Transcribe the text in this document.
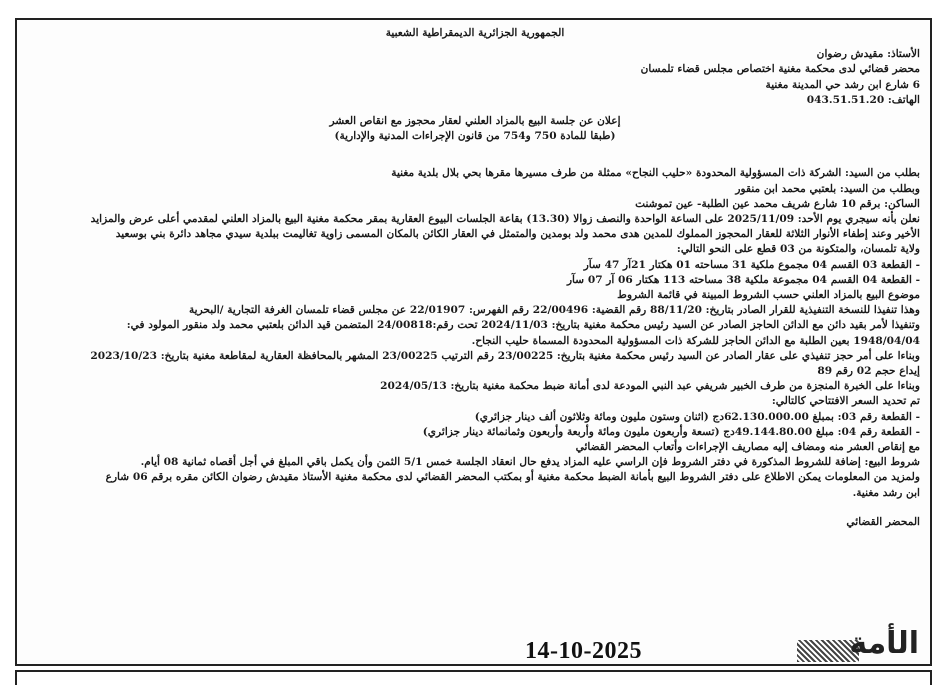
الجمهورية الجزائرية الديمقراطية الشعبية

الأستاذ: مقيدش رضوان

محضر قضائي لدى محكمة مغنية اختصاص مجلس قضاء تلمسان

6 شارع ابن رشد حي المدينة مغنية

الهاتف: 043.51.51.20

إعلان عن جلسة البيع بالمزاد العلني لعقار محجوز مع انقاص العشر

(طبقا للمادة 750 و754 من قانون الإجراءات المدنية والإدارية)

بطلب من السيد: الشركة ذات المسؤولية المحدودة «حليب النجاح» ممثلة من طرف مسيرها مقرها بحي بلال بلدية مغنية

وبطلب من السيد: بلعتبي محمد ابن منقور

الساكن: برقم 10 شارع شريف محمد عين الطلبة- عين تموشنت

نعلن بأنه سيجري يوم الأحد: 2025/11/09 على الساعة الواحدة والنصف زوالا (13.30) بقاعة الجلسات البيوع العقارية بمقر محكمة مغنية البيع بالمزاد العلني لمقدمي أعلى عرض والمزايد

الأخير وعند إطفاء الأنوار الثلاثة للعقار المحجوز المملوك للمدين هدى محمد ولد بومدين والمتمثل في العقار الكائن بالمكان المسمى زاوية تغاليمت ببلدية سيدي مجاهد دائرة بني بوسعيد

ولاية تلمسان، والمتكونة من 03 قطع على النحو التالي:

- القطعة 03 القسم 04 مجموع ملكية 31 مساحته 01 هكتار 21آر 47 سآر

- القطعة 04 القسم 04 مجموعة ملكية 38 مساحته 113 هكتار 06 آر 07 سآر

موضوع البيع بالمزاد العلني حسب الشروط المبينة في قائمة الشروط

وهذا تنفيذا للنسخة التنفيذية للقرار الصادر بتاريخ: 88/11/20 رقم القضية: 22/00496 رقم الفهرس: 22/01907 عن مجلس قضاء تلمسان الغرفة التجارية /البحرية

وتنفيذا لأمر بقيد دائن مع الدائن الحاجز الصادر عن السيد رئيس محكمة مغنية بتاريخ: 2024/11/03 تحت رقم:24/00818 المتضمن قيد الدائن بلعتبي محمد ولد منقور المولود في:

1948/04/04 بعين الطلبة مع الدائن الحاجز للشركة ذات المسؤولية المحدودة المسماة حليب النجاح.

وبناءا على أمر حجز تنفيذي على عقار الصادر عن السيد رئيس محكمة مغنية بتاريخ: 23/00225 رقم الترتيب 23/00225 المشهر بالمحافظة العقارية لمقاطعة مغنية بتاريخ: 2023/10/23

إيداع حجم 02 رقم 89

وبناءا على الخبرة المنجزة من طرف الخبير شريفي عبد النبي المودعة لدى أمانة ضبط محكمة مغنية بتاريخ: 2024/05/13

تم تحديد السعر الافتتاحي كالتالي:

- القطعة رقم 03: بمبلغ 62.130.000.00دج (اثنان وستون مليون ومائة وثلاثون ألف دينار جزائري)

- القطعة رقم 04: مبلغ 49.144.80.00دج (تسعة وأربعون مليون ومائة وأربعة وأربعون وثمانمائة دينار جزائري)

مع إنقاص العشر منه ومضاف إليه مصاريف الإجراءات وأتعاب المحضر القضائي

شروط البيع: إضافة للشروط المذكورة في دفتر الشروط فإن الراسي عليه المزاد يدفع حال انعقاد الجلسة خمس 5/1 الثمن وأن يكمل باقي المبلغ في أجل أقصاه ثمانية 08 أيام.

ولمزيد من المعلومات يمكن الاطلاع على دفتر الشروط البيع بأمانة الضبط محكمة مغنية أو بمكتب المحضر القضائي لدى محكمة مغنية الأستاذ مقيدش رضوان الكائن مقره برقم 06 شارع

ابن رشد مغنية.

المحضر القضائي

14-10-2025	الأمة
